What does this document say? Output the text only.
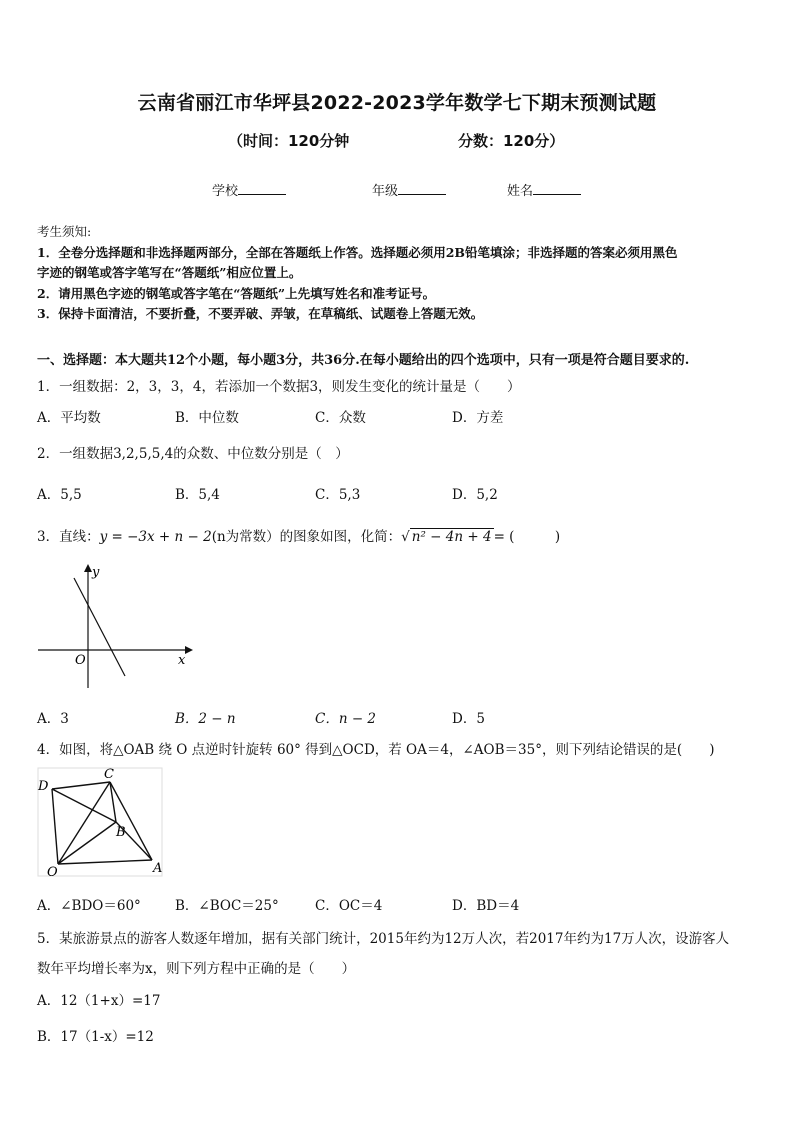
云南省丽江市华坪县2022-2023学年数学七下期末预测试题
（时间：120分钟	分数：120分）
学校	年级	姓名
考生须知:
1．全卷分选择题和非选择题两部分，全部在答题纸上作答。选择题必须用2B铅笔填涂；非选择题的答案必须用黑色
字迹的钢笔或答字笔写在“答题纸”相应位置上。
2．请用黑色字迹的钢笔或答字笔在“答题纸”上先填写姓名和准考证号。
3．保持卡面清洁，不要折叠，不要弄破、弄皱，在草稿纸、试题卷上答题无效。
一、选择题：本大题共12个小题，每小题3分，共36分.在每小题给出的四个选项中，只有一项是符合题目要求的.
1．一组数据：2，3，3，4，若添加一个数据3，则发生变化的统计量是（　　）
A．平均数	B．中位数	C．众数	D．方差
2．一组数据3,2,5,5,4的众数、中位数分别是（　）
A．5,5	B．5,4	C．5,3	D．5,2
3．直线：y = −3x + n − 2(n为常数）的图象如图，化简：√ n² − 4n + 4 = (　　　)
y
x
O
A．3	B．2 − n	C．n − 2	D．5
4．如图，将△OAB 绕 O 点逆时针旋转 60° 得到△OCD，若 OA＝4，∠AOB＝35°，则下列结论错误的是(　　)
D
C
B
O	A
A．∠BDO＝60°	B．∠BOC＝25°	C．OC＝4	D．BD＝4
5．某旅游景点的游客人数逐年增加，据有关部门统计，2015年约为12万人次，若2017年约为17万人次，设游客人
数年平均增长率为x，则下列方程中正确的是（　　）
A．12（1+x）=17
B．17（1-x）=12
